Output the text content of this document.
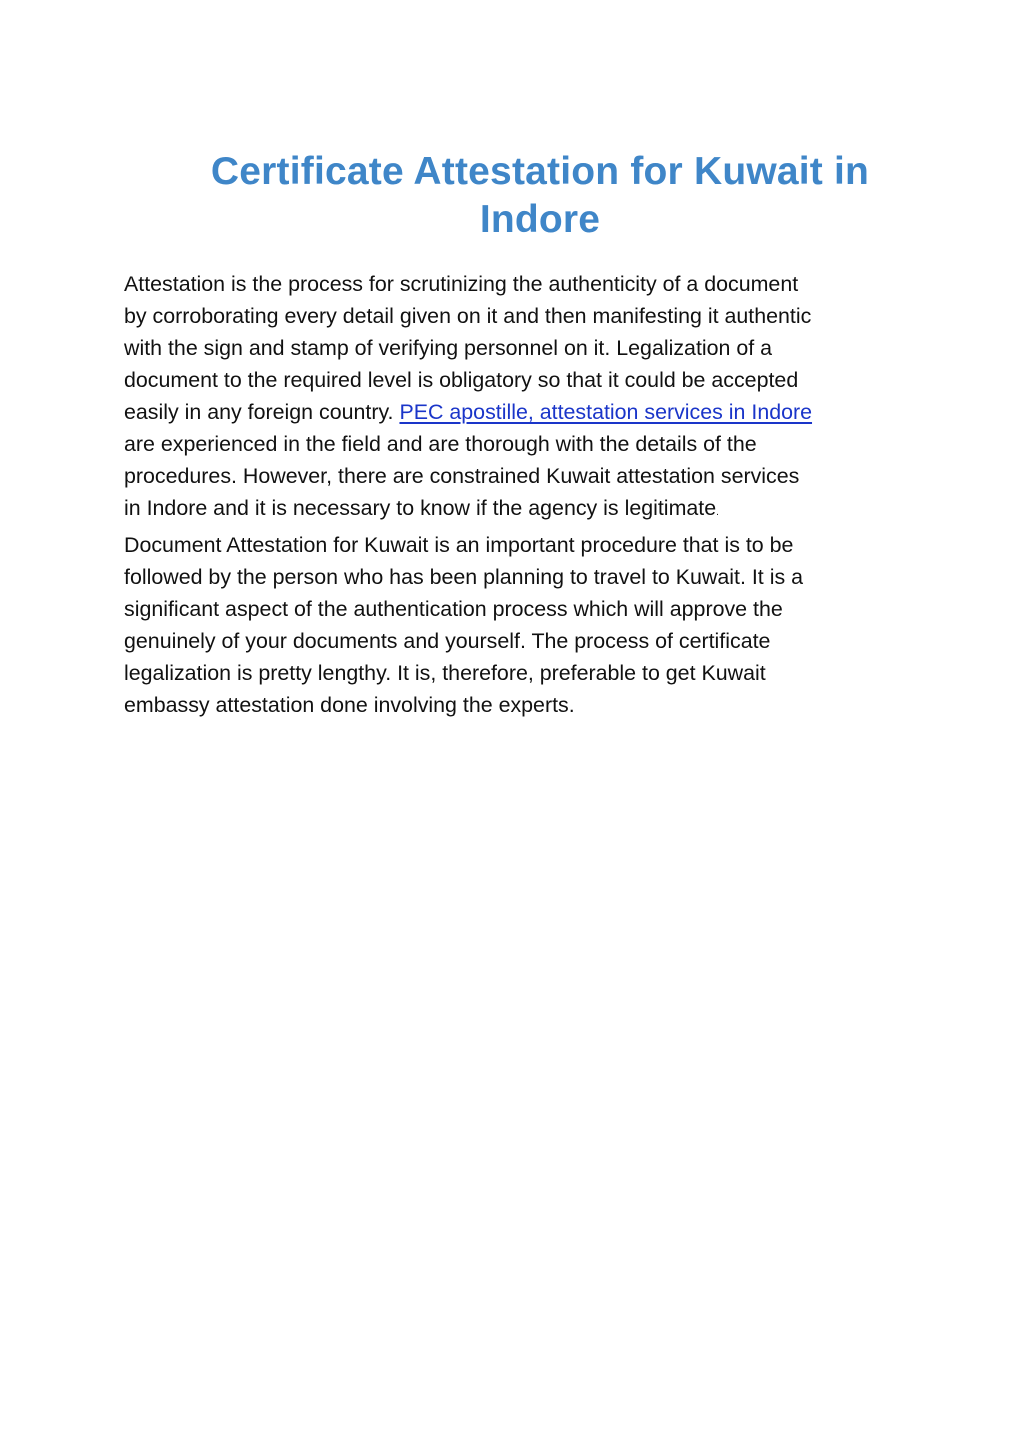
Certificate Attestation for Kuwait in
Indore

Attestation is the process for scrutinizing the authenticity of a document
by corroborating every detail given on it and then manifesting it authentic
with the sign and stamp of verifying personnel on it. Legalization of a
document to the required level is obligatory so that it could be accepted
easily in any foreign country. PEC apostille, attestation services in Indore
are experienced in the field and are thorough with the details of the
procedures. However, there are constrained Kuwait attestation services
in Indore and it is necessary to know if the agency is legitimate.
Document Attestation for Kuwait is an important procedure that is to be
followed by the person who has been planning to travel to Kuwait. It is a
significant aspect of the authentication process which will approve the
genuinely of your documents and yourself. The process of certificate
legalization is pretty lengthy. It is, therefore, preferable to get Kuwait
embassy attestation done involving the experts.
